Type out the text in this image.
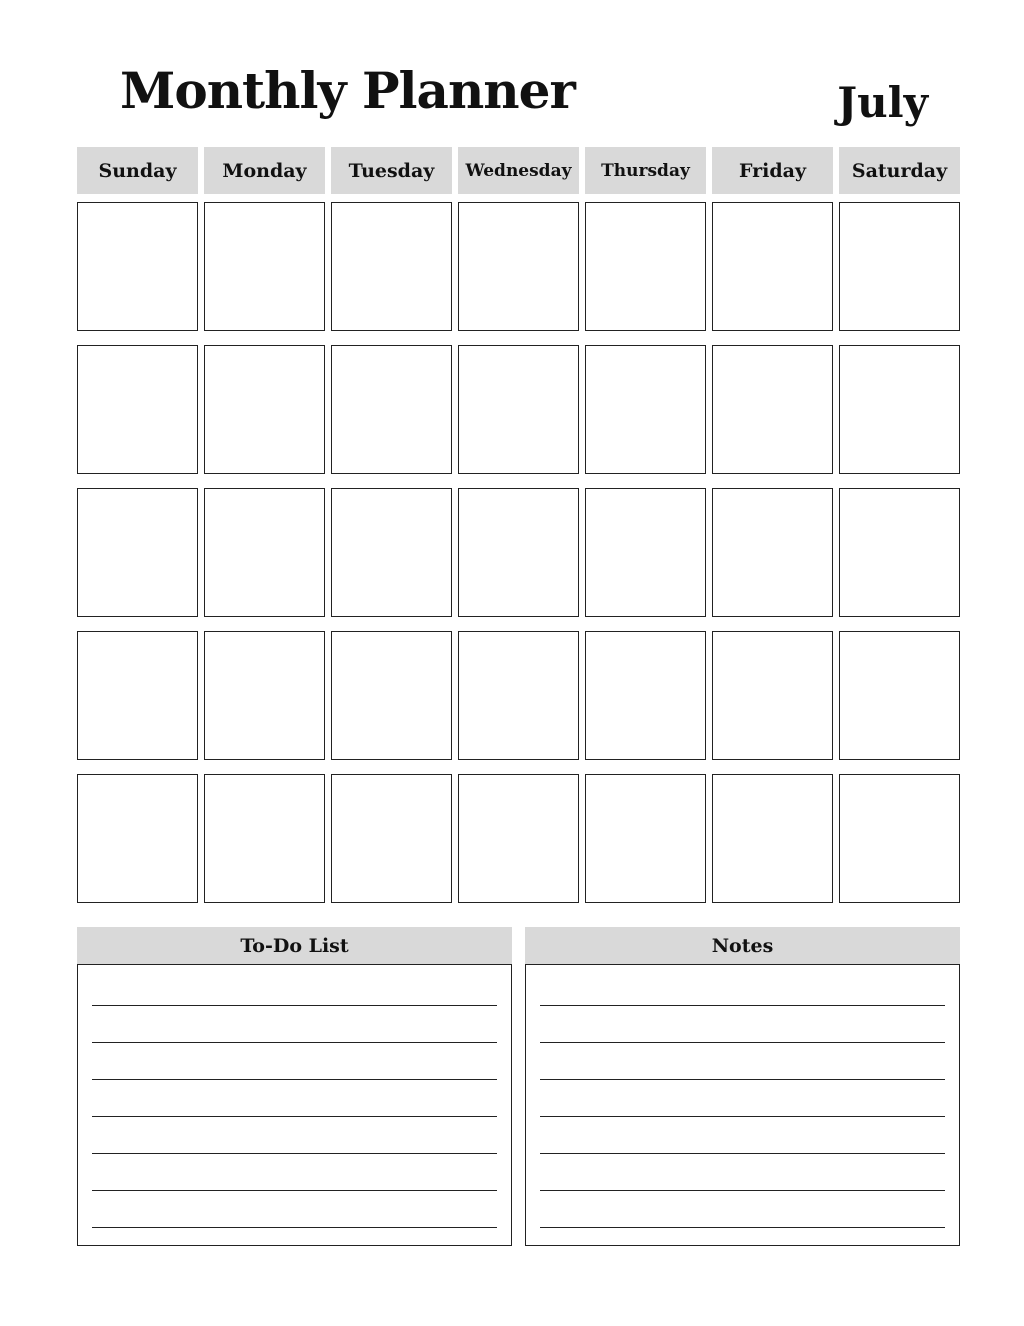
Monthly Planner	July
Sunday	Monday	Tuesday	Wednesday	Thursday	Friday	Saturday
To-Do List	Notes
